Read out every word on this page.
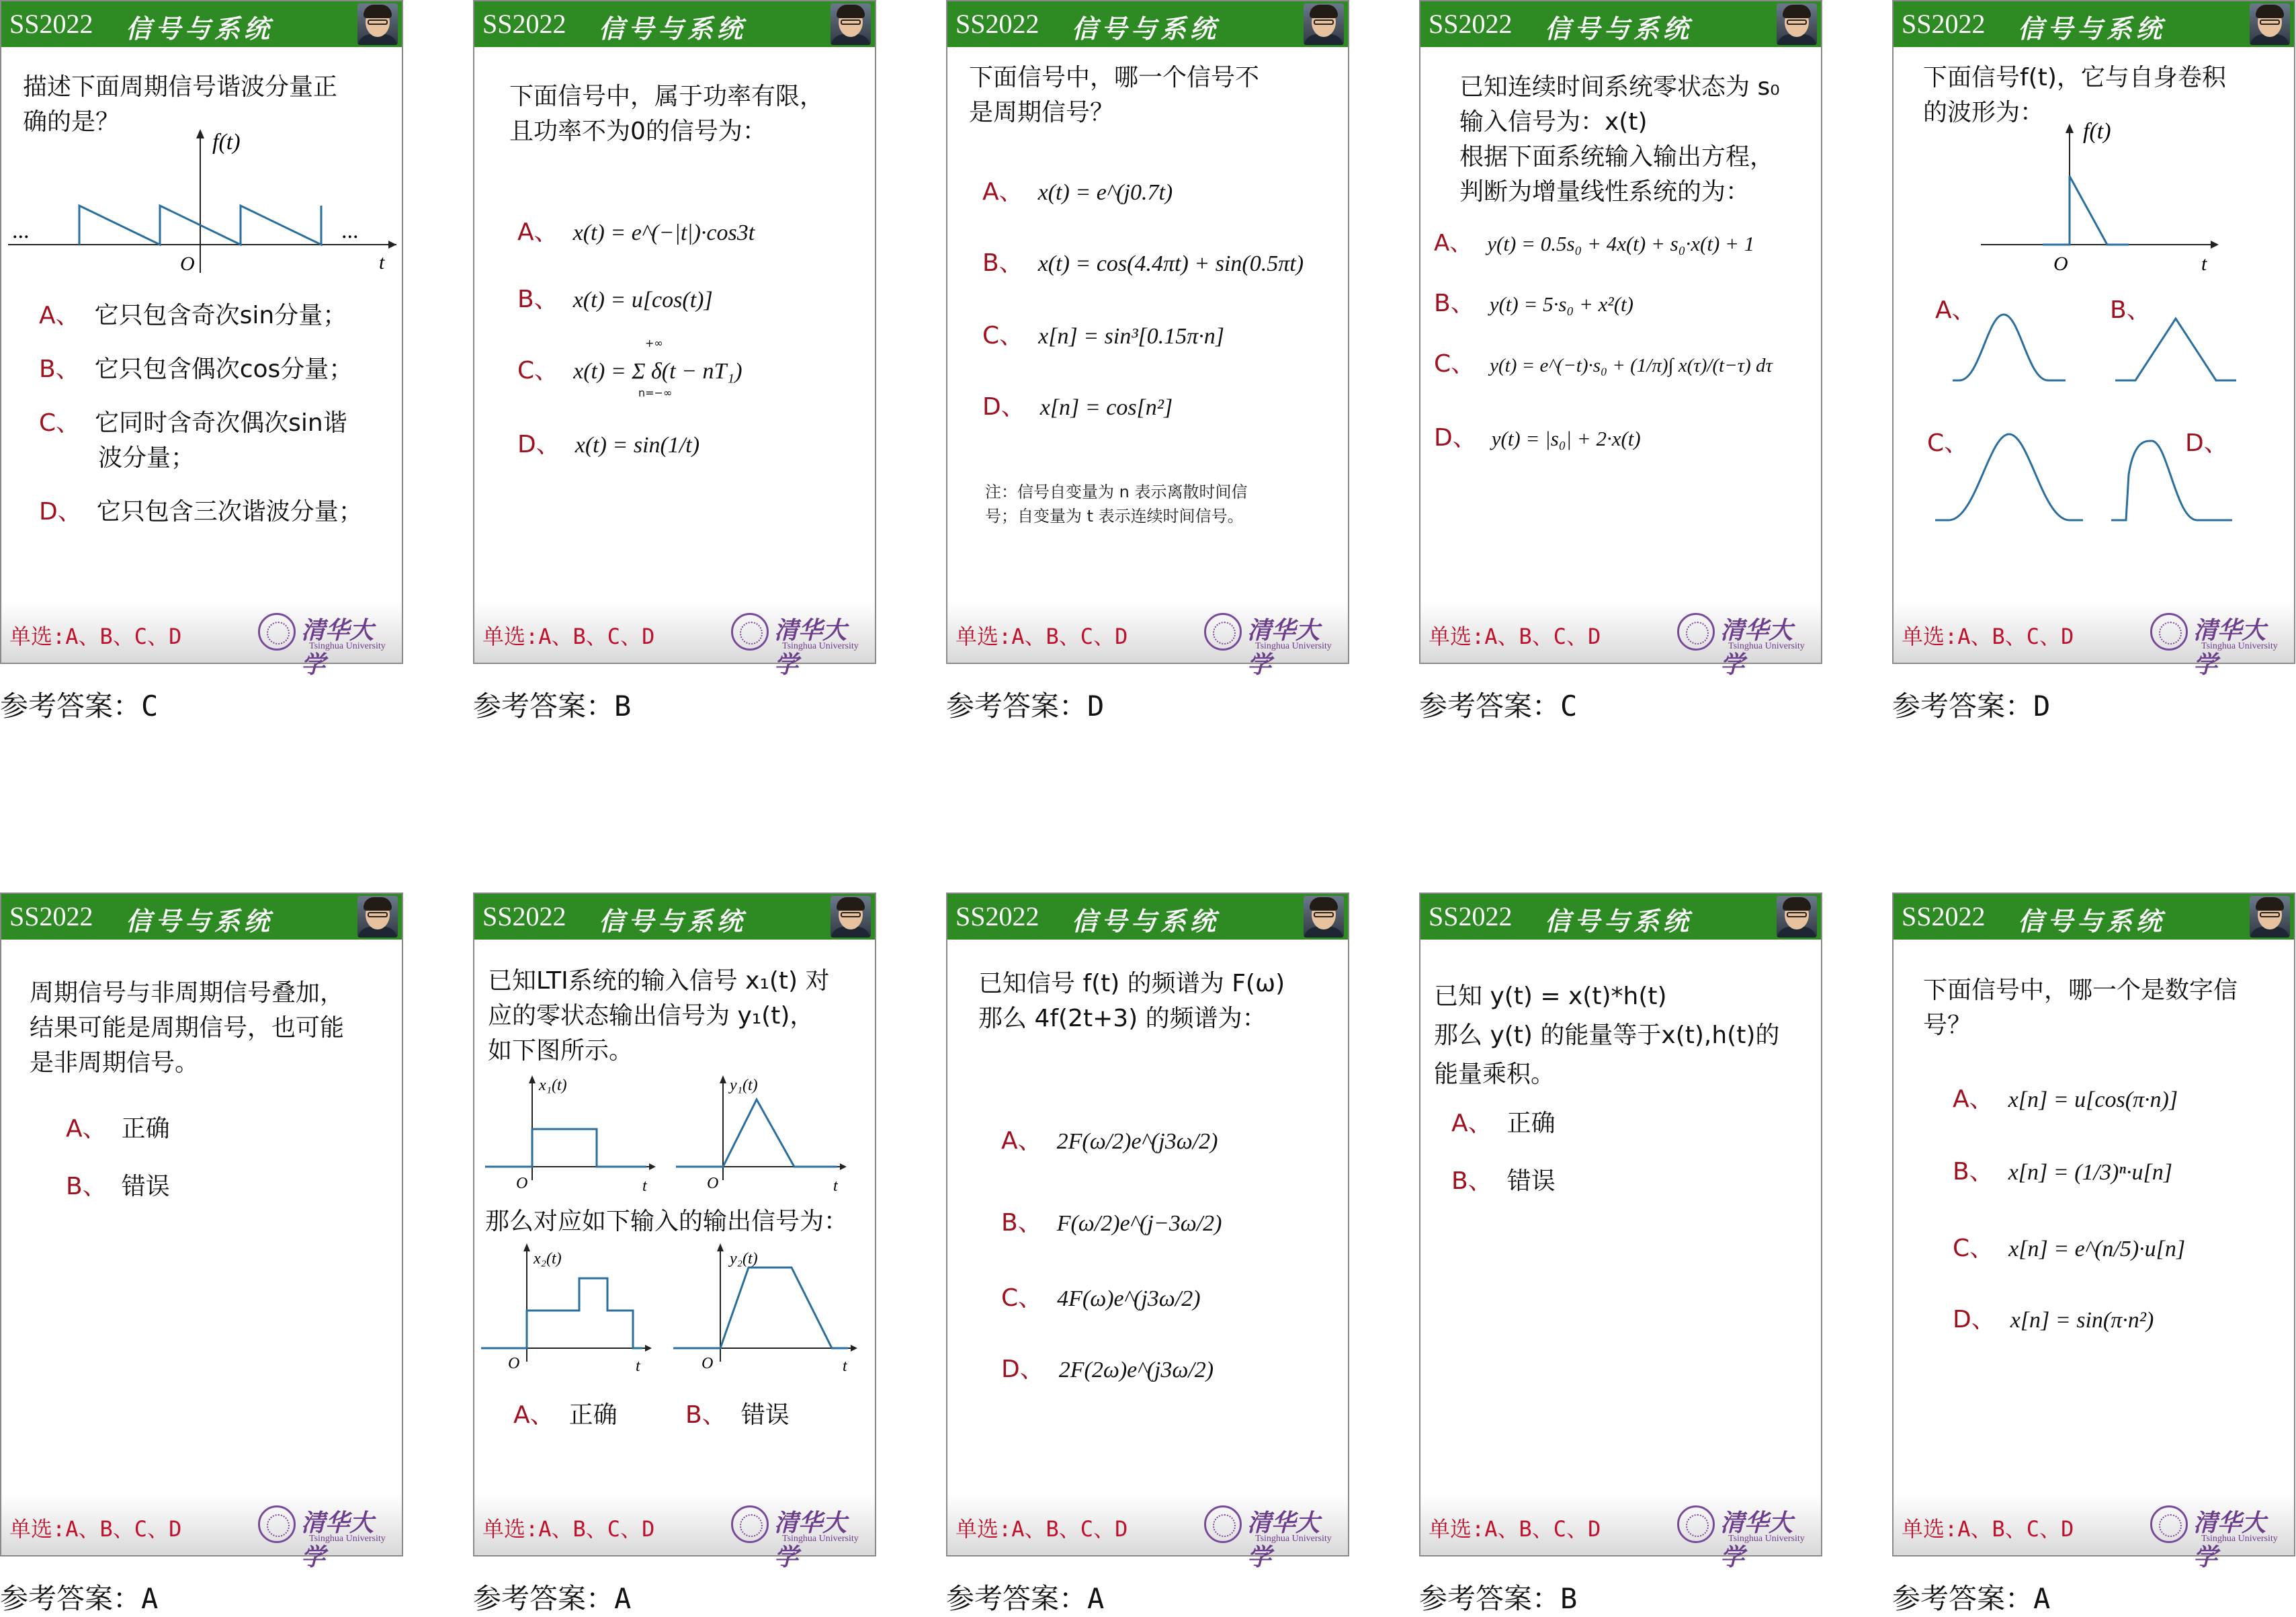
SS2022 信号与系统
描述下面周期信号谐波分量正
确的是？
...	...
O	t
f(t)
A、 它只包含奇次sin分量；
B、 它只包含偶次cos分量；
C、 它同时含奇次偶次sin谐
波分量；
D、 它只包含三次谐波分量；
单选:A、B、C、D	清华大学
Tsinghua University
参考答案：C
SS2022 信号与系统
下面信号中，属于功率有限，
且功率不为0的信号为：
A、 x(t) = e^(−|t|)·cos3t
B、 x(t) = u[cos(t)]
C、 x(t) = Σ δ(t − nT₁)
+∞
n=−∞
D、 x(t) = sin(1/t)
单选:A、B、C、D	清华大学
Tsinghua University
参考答案：B
SS2022 信号与系统
下面信号中，哪一个信号不
是周期信号？
A、 x(t) = e^(j0.7t)
B、 x(t) = cos(4.4πt) + sin(0.5πt)
C、 x[n] = sin³[0.15π·n]
D、 x[n] = cos[n²]
注：信号自变量为 n 表示离散时间信
号；自变量为 t 表示连续时间信号。
单选:A、B、C、D	清华大学
Tsinghua University
参考答案：D
SS2022 信号与系统
已知连续时间系统零状态为 s₀
输入信号为：x(t)
根据下面系统输入输出方程，
判断为增量线性系统的为：
A、 y(t) = 0.5s₀ + 4x(t) + s₀·x(t) + 1
B、 y(t) = 5·s₀ + x²(t)
C、 y(t) = e^(−t)·s₀ + (1/π)∫ x(τ)/(t−τ) dτ
D、 y(t) = |s₀| + 2·x(t)
单选:A、B、C、D	清华大学
Tsinghua University
参考答案：C
SS2022 信号与系统
下面信号f(t)，它与自身卷积
的波形为：
O	t
f(t)
A、	B、
C、	D、
单选:A、B、C、D	清华大学
Tsinghua University
参考答案：D
SS2022 信号与系统
周期信号与非周期信号叠加，
结果可能是周期信号，也可能
是非周期信号。
A、 正确
B、 错误
单选:A、B、C、D	清华大学
Tsinghua University
参考答案：A
SS2022 信号与系统
已知LTI系统的输入信号 x₁(t) 对
应的零状态输出信号为 y₁(t)，
如下图所示。
O	t
x₁(t)
O	t
y₁(t)
那么对应如下输入的输出信号为：
O	t
x₂(t)
O	t
y₂(t)
A、 正确	B、 错误
单选:A、B、C、D	清华大学
Tsinghua University
参考答案：A
SS2022 信号与系统
已知信号 f(t) 的频谱为 F(ω)
那么 4f(2t+3) 的频谱为：
A、 2F(ω/2)e^(j3ω/2)
B、 F(ω/2)e^(j−3ω/2)
C、 4F(ω)e^(j3ω/2)
D、 2F(2ω)e^(j3ω/2)
单选:A、B、C、D	清华大学
Tsinghua University
参考答案：A
SS2022 信号与系统
已知 y(t) = x(t)*h(t)
那么 y(t) 的能量等于x(t),h(t)的
能量乘积。
A、 正确
B、 错误
单选:A、B、C、D	清华大学
Tsinghua University
参考答案：B
SS2022 信号与系统
下面信号中，哪一个是数字信
号？
A、 x[n] = u[cos(π·n)]
B、 x[n] = (1/3)ⁿ·u[n]
C、 x[n] = e^(n/5)·u[n]
D、 x[n] = sin(π·n²)
单选:A、B、C、D	清华大学
Tsinghua University
参考答案：A
